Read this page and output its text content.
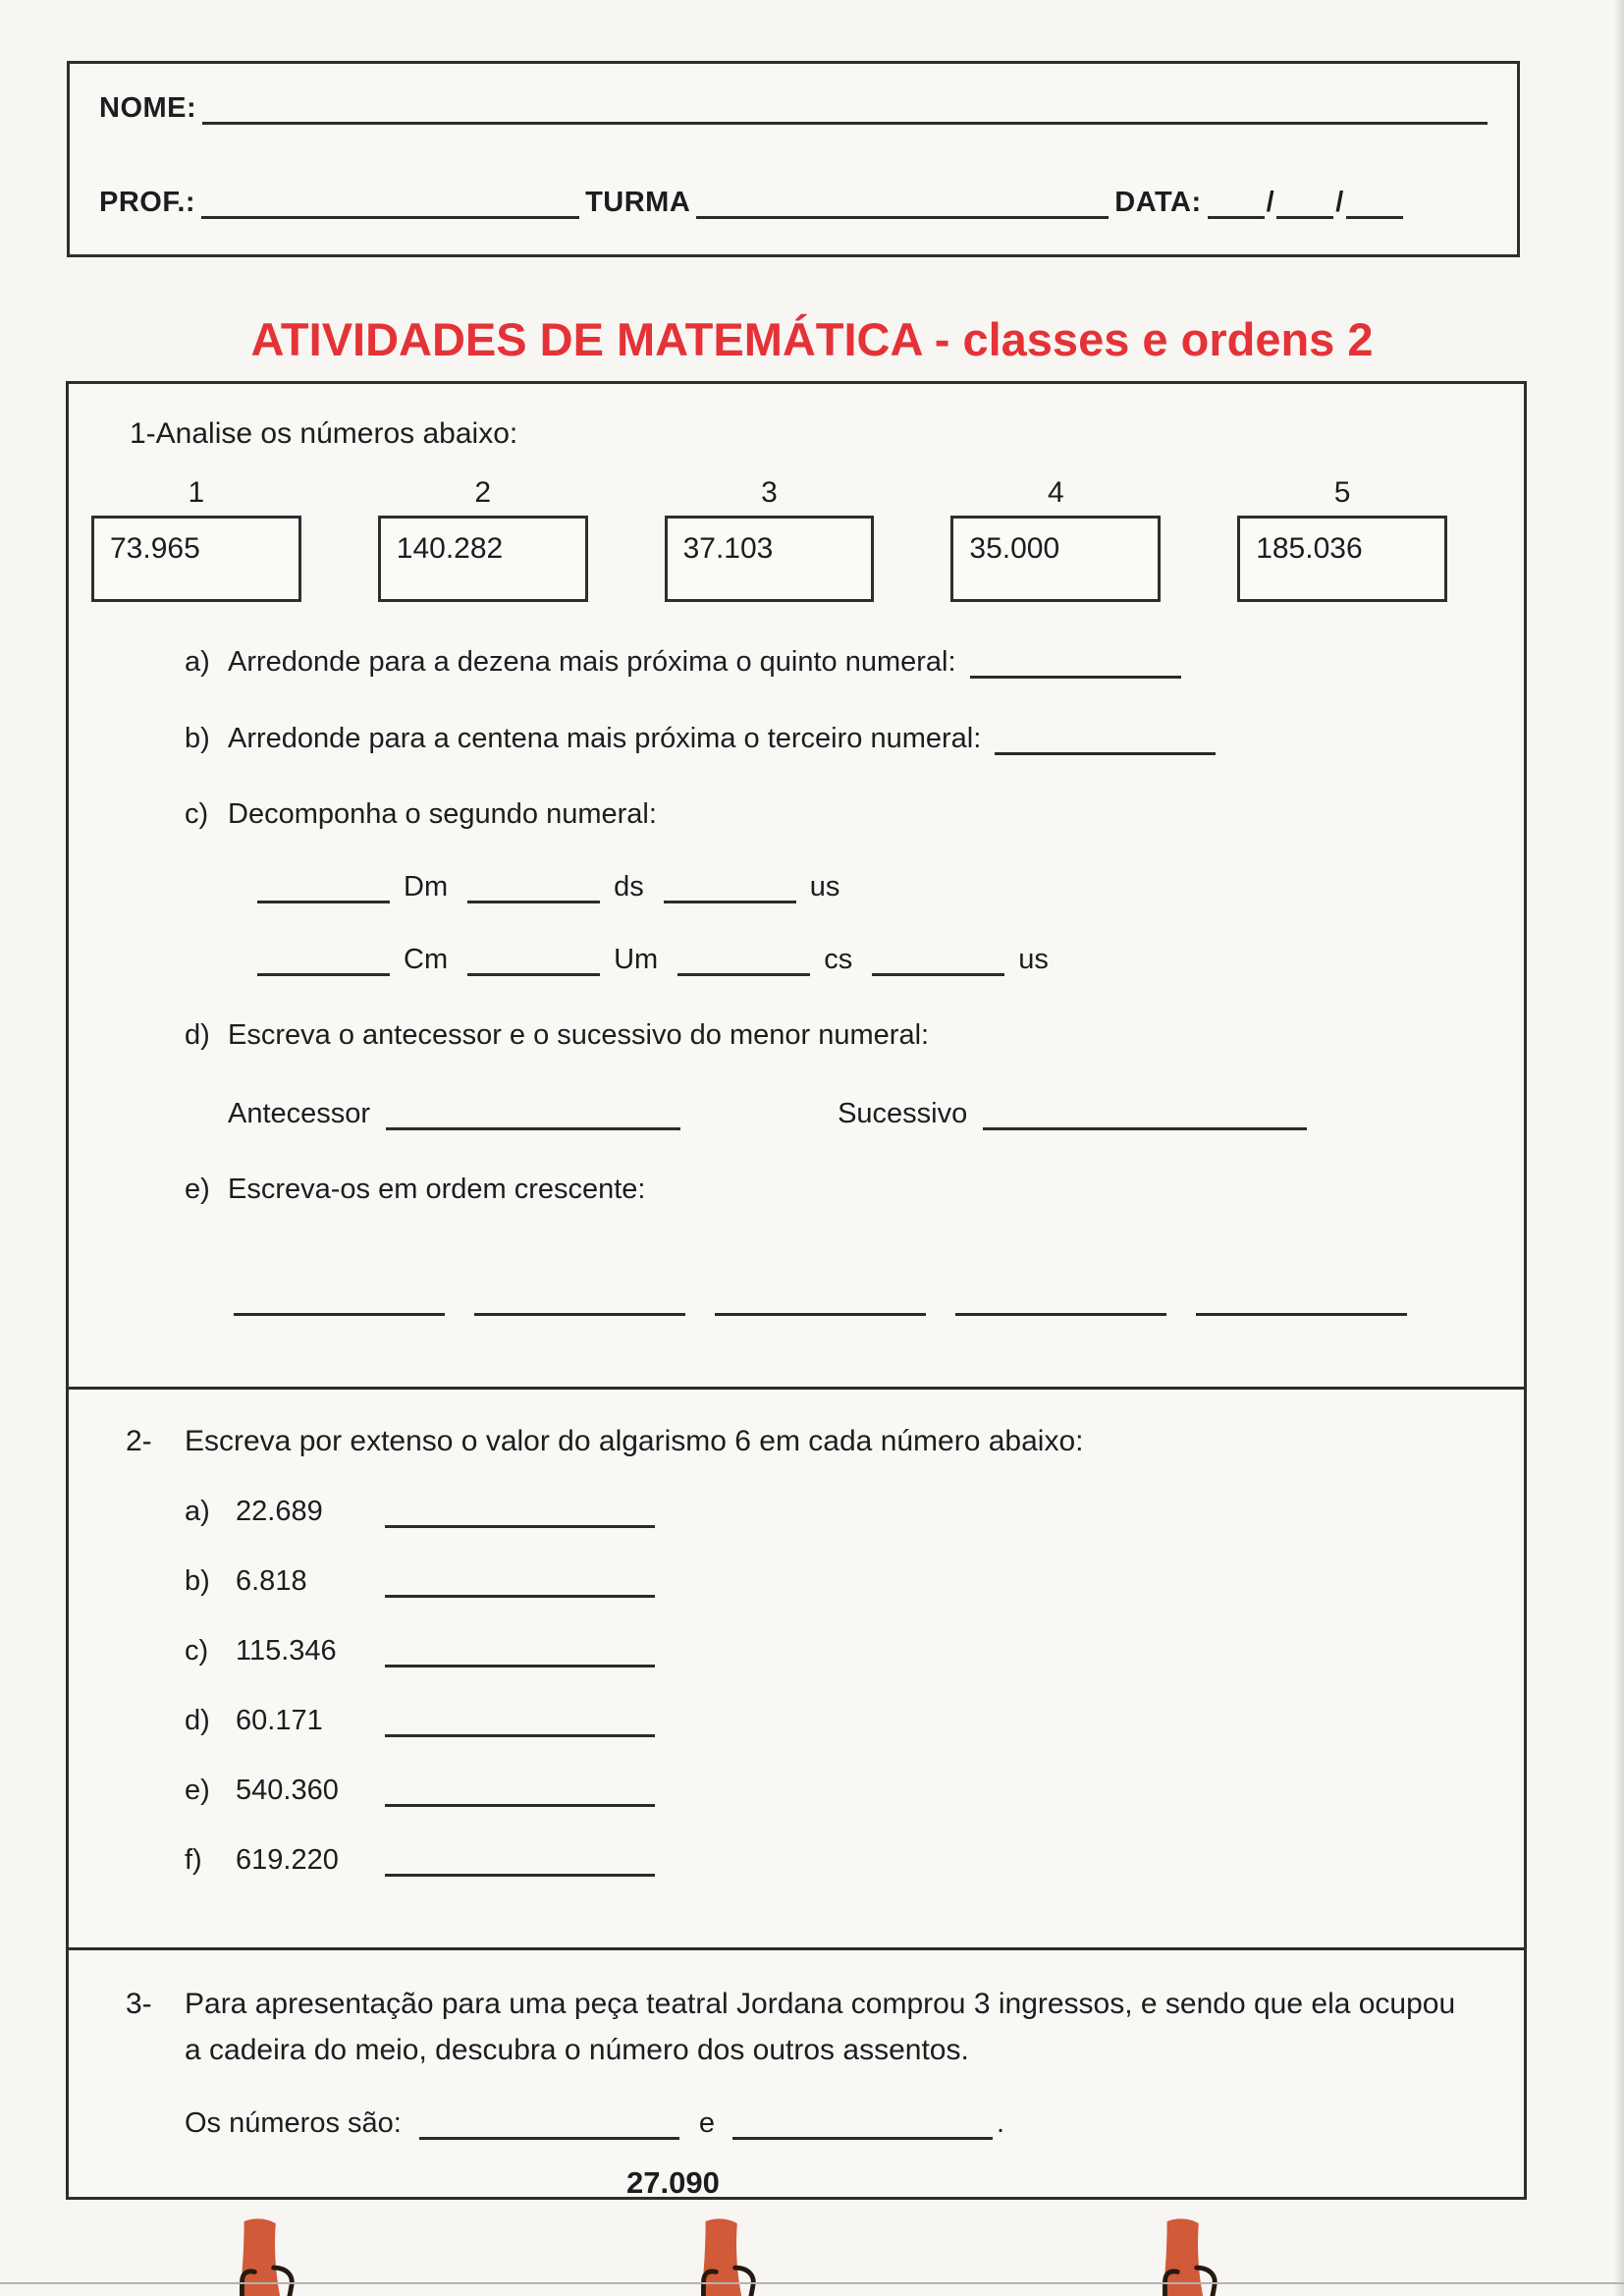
NOME:
PROF.:	TURMA	DATA: / /
ATIVIDADES DE MATEMÁTICA - classes e ordens 2
1-Analise os números abaixo:
1	2	3	4	5
73.965	140.282	37.103	35.000	185.036
a) Arredonde para a dezena mais próxima o quinto numeral:
b) Arredonde para a centena mais próxima o terceiro numeral:
c) Decomponha o segundo numeral:
Dm	ds	us
Cm	Um	cs	us
d) Escreva o antecessor e o sucessivo do menor numeral:
Antecessor	Sucessivo
e) Escreva-os em ordem crescente:
2-	Escreva por extenso o valor do algarismo 6 em cada número abaixo:
a) 22.689
b) 6.818
c) 115.346
d) 60.171
e) 540.360
f)	619.220
3-	Para apresentação para uma peça teatral Jordana comprou 3 ingressos, e sendo que ela ocupou a cadeira do meio, descubra o número dos outros assentos.
Os números são:	e	.
27.090
